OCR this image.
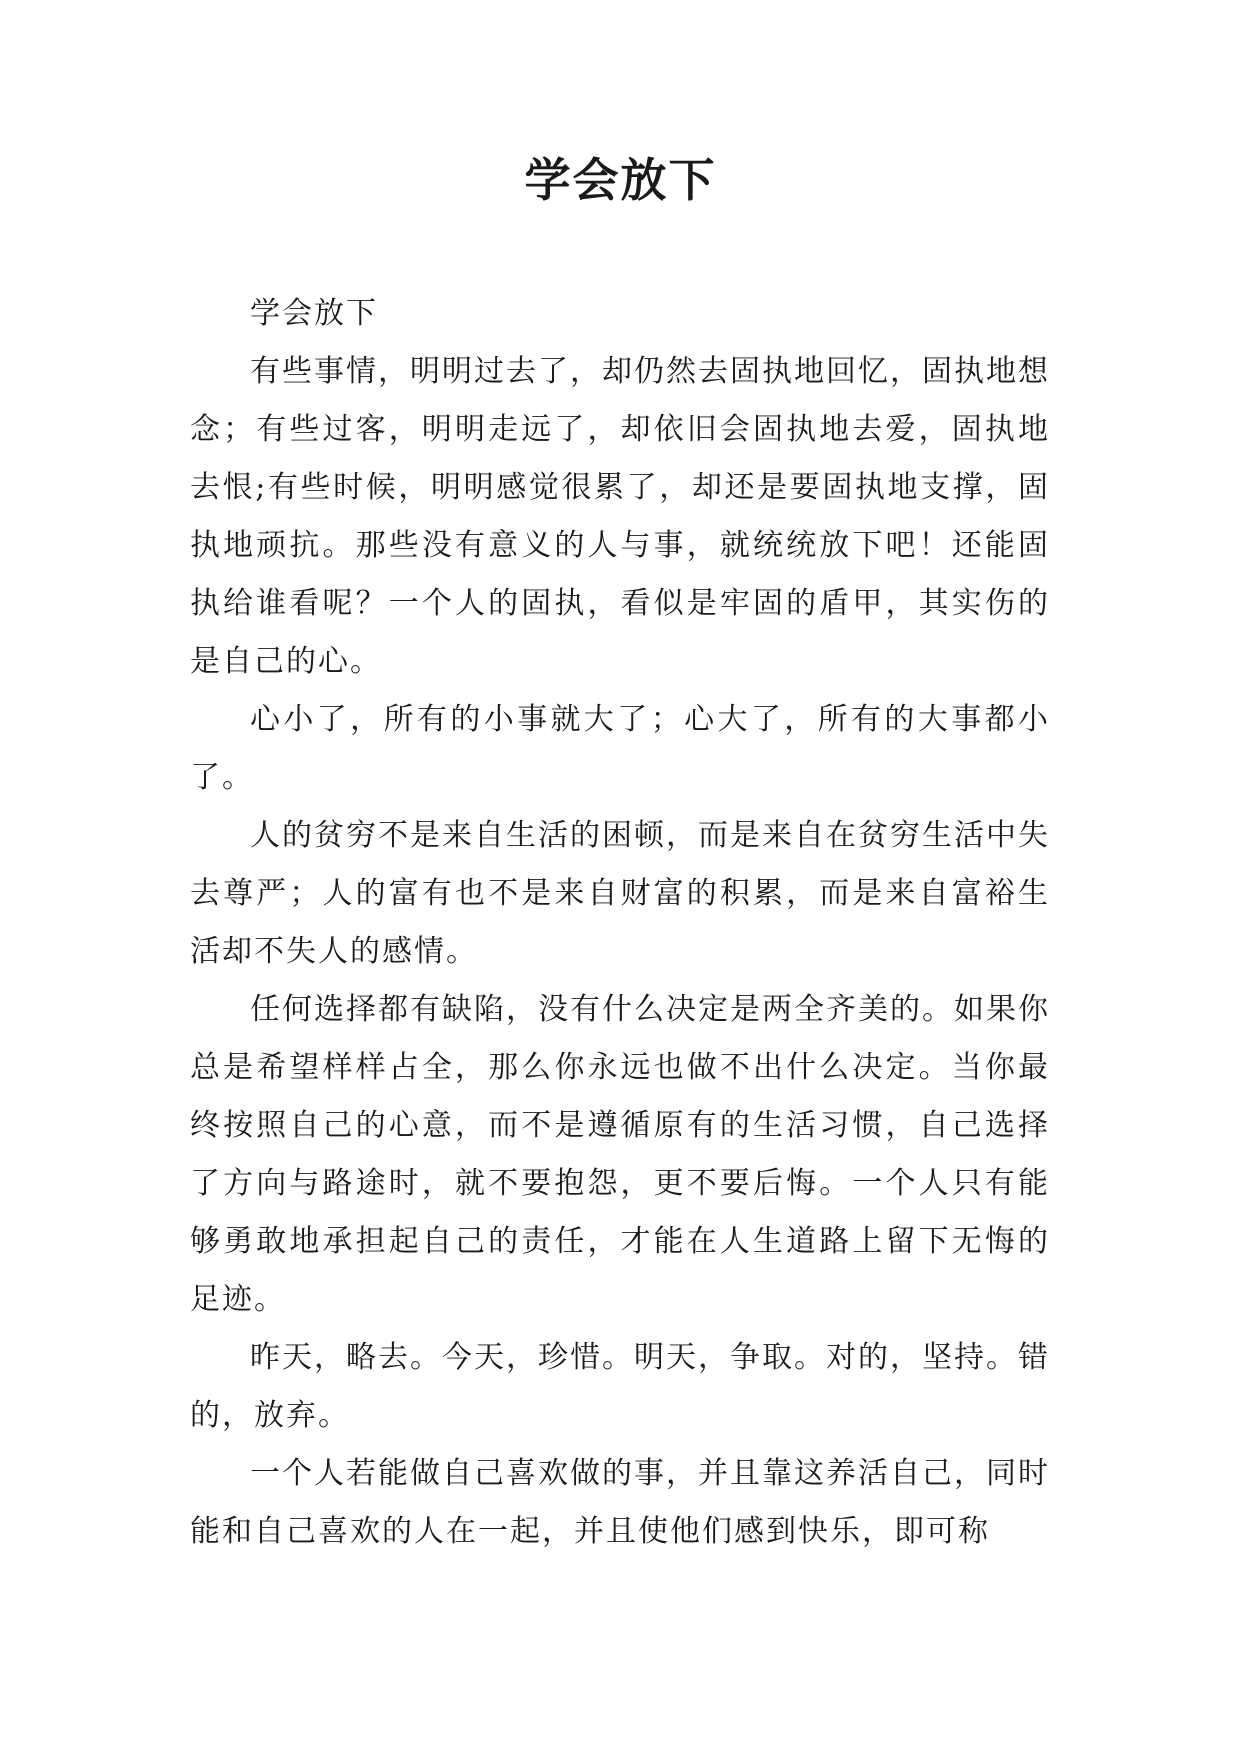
学会放下

学会放下

有些事情，明明过去了，却仍然去固执地回忆，固执地想念；有些过客，明明走远了，却依旧会固执地去爱，固执地去恨;有些时候，明明感觉很累了，却还是要固执地支撑，固执地顽抗。那些没有意义的人与事，就统统放下吧！还能固执给谁看呢？一个人的固执，看似是牢固的盾甲，其实伤的是自己的心。

心小了，所有的小事就大了；心大了，所有的大事都小了。

人的贫穷不是来自生活的困顿，而是来自在贫穷生活中失去尊严；人的富有也不是来自财富的积累，而是来自富裕生活却不失人的感情。

任何选择都有缺陷，没有什么决定是两全齐美的。如果你总是希望样样占全，那么你永远也做不出什么决定。当你最终按照自己的心意，而不是遵循原有的生活习惯，自己选择了方向与路途时，就不要抱怨，更不要后悔。一个人只有能够勇敢地承担起自己的责任，才能在人生道路上留下无悔的足迹。

昨天，略去。今天，珍惜。明天，争取。对的，坚持。错的，放弃。

一个人若能做自己喜欢做的事，并且靠这养活自己，同时能和自己喜欢的人在一起，并且使他们感到快乐，即可称
